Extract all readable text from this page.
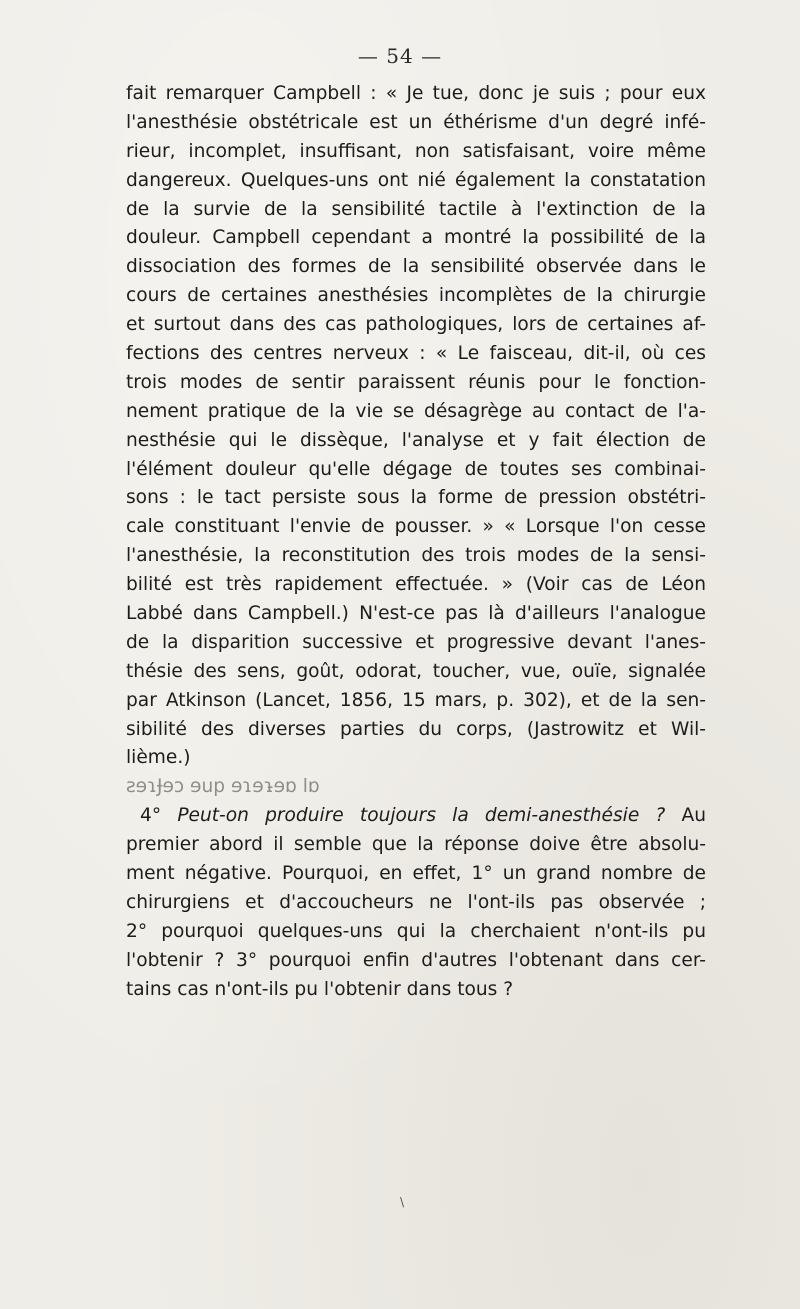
— 54 —
fait remarquer Campbell : « Je tue, donc je suis ; pour eux
l'anesthésie obstétricale est un éthérisme d'un degré infé-
rieur, incomplet, insuffisant, non satisfaisant, voire même
dangereux. Quelques-uns ont nié également la constatation
de la survie de la sensibilité tactile à l'extinction de la
douleur. Campbell cependant a montré la possibilité de la
dissociation des formes de la sensibilité observée dans le
cours de certaines anesthésies incomplètes de la chirurgie
et surtout dans des cas pathologiques, lors de certaines af-
fections des centres nerveux : « Le faisceau, dit-il, où ces
trois modes de sentir paraissent réunis pour le fonction-
nement pratique de la vie se désagrège au contact de l'a-
nesthésie qui le dissèque, l'analyse et y fait élection de
l'élément douleur qu'elle dégage de toutes ses combinai-
sons : le tact persiste sous la forme de pression obstétri-
cale constituant l'envie de pousser. » « Lorsque l'on cesse
l'anesthésie, la reconstitution des trois modes de la sensi-
bilité est très rapidement effectuée. » (Voir cas de Léon
Labbé dans Campbell.) N'est-ce pas là d'ailleurs l'analogue
de la disparition successive et progressive devant l'anes-
thésie des sens, goût, odorat, toucher, vue, ouïe, signalée
par Atkinson (Lancet, 1856, 15 mars, p. 302), et de la sen-
sibilité des diverses parties du corps, (Jastrowitz et Wil-
lième.)
ƨɘɿɈɘɔ ɘup ɘɿɘɿ̵ɘɒ lɒ
4° Peut-on produire toujours la demi-anesthésie ? Au
premier abord il semble que la réponse doive être absolu-
ment négative. Pourquoi, en effet, 1° un grand nombre de
chirurgiens et d'accoucheurs ne l'ont-ils pas observée ;
2° pourquoi quelques-uns qui la cherchaient n'ont-ils pu
l'obtenir ? 3° pourquoi enfin d'autres l'obtenant dans cer-
tains cas n'ont-ils pu l'obtenir dans tous ?
\
